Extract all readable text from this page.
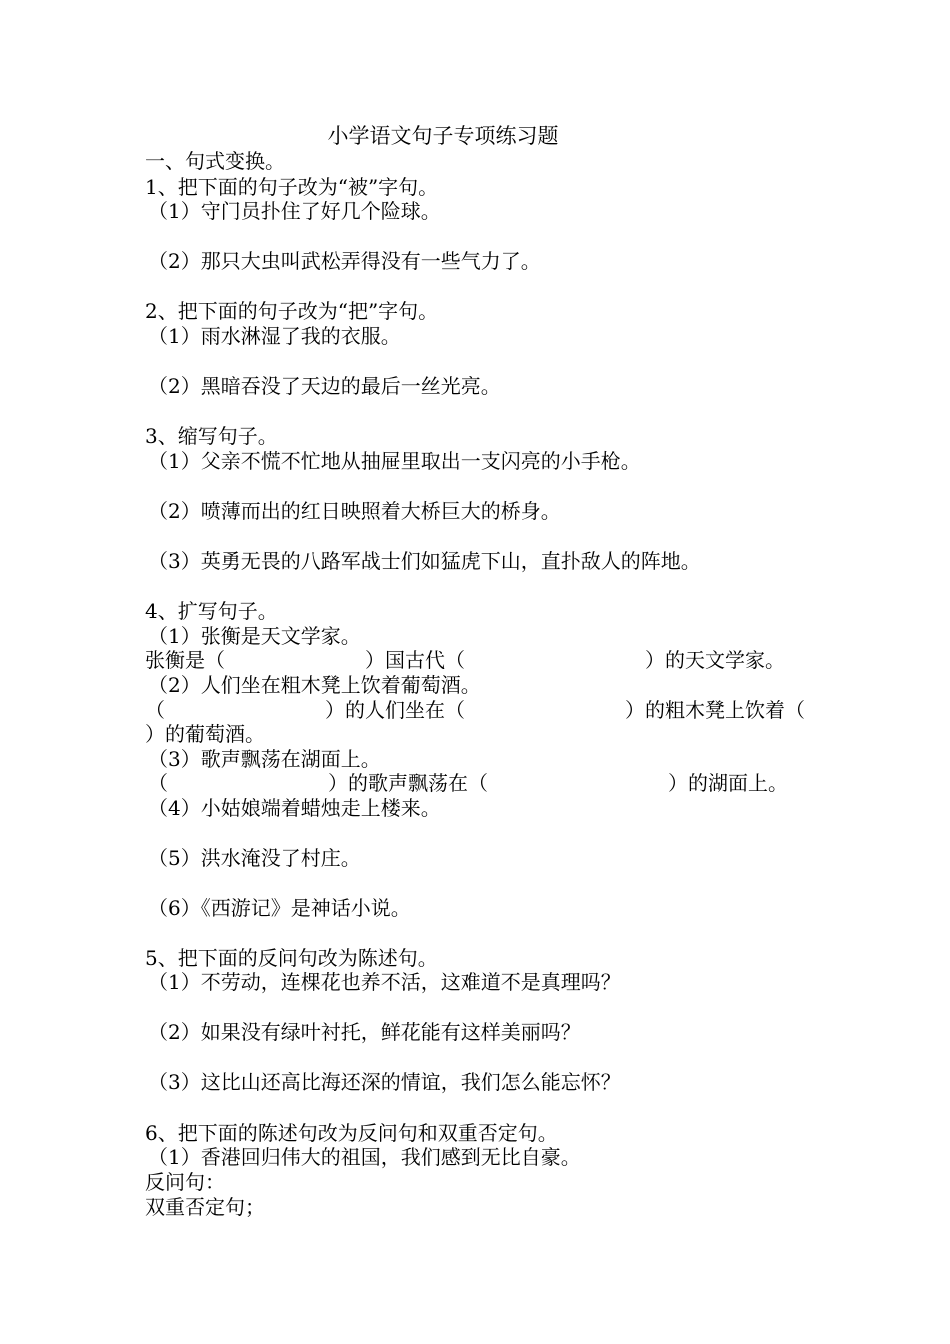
小学语文句子专项练习题
一、句式变换。
1、把下面的句子改为“被”字句。
（1）守门员扑住了好几个险球。
（2）那只大虫叫武松弄得没有一些气力了。
2、把下面的句子改为“把”字句。
（1）雨水淋湿了我的衣服。
（2）黑暗吞没了天边的最后一丝光亮。
3、缩写句子。
（1）父亲不慌不忙地从抽屉里取出一支闪亮的小手枪。
（2）喷薄而出的红日映照着大桥巨大的桥身。
（3）英勇无畏的八路军战士们如猛虎下山，直扑敌人的阵地。
4、扩写句子。
（1）张衡是天文学家。
张衡是（　　　　　　　）国古代（　　　　　　　　　）的天文学家。
（2）人们坐在粗木凳上饮着葡萄酒。
（　　　　　　　　）的人们坐在（　　　　　　　　）的粗木凳上饮着（
）的葡萄酒。
（3）歌声飘荡在湖面上。
（　　　　　　　　）的歌声飘荡在（　　　　　　　　　）的湖面上。
（4）小姑娘端着蜡烛走上楼来。
（5）洪水淹没了村庄。
（6）《西游记》是神话小说。
5、把下面的反问句改为陈述句。
（1）不劳动，连棵花也养不活，这难道不是真理吗？
（2）如果没有绿叶衬托，鲜花能有这样美丽吗？
（3）这比山还高比海还深的情谊，我们怎么能忘怀？
6、把下面的陈述句改为反问句和双重否定句。
（1）香港回归伟大的祖国，我们感到无比自豪。
反问句：
双重否定句；
